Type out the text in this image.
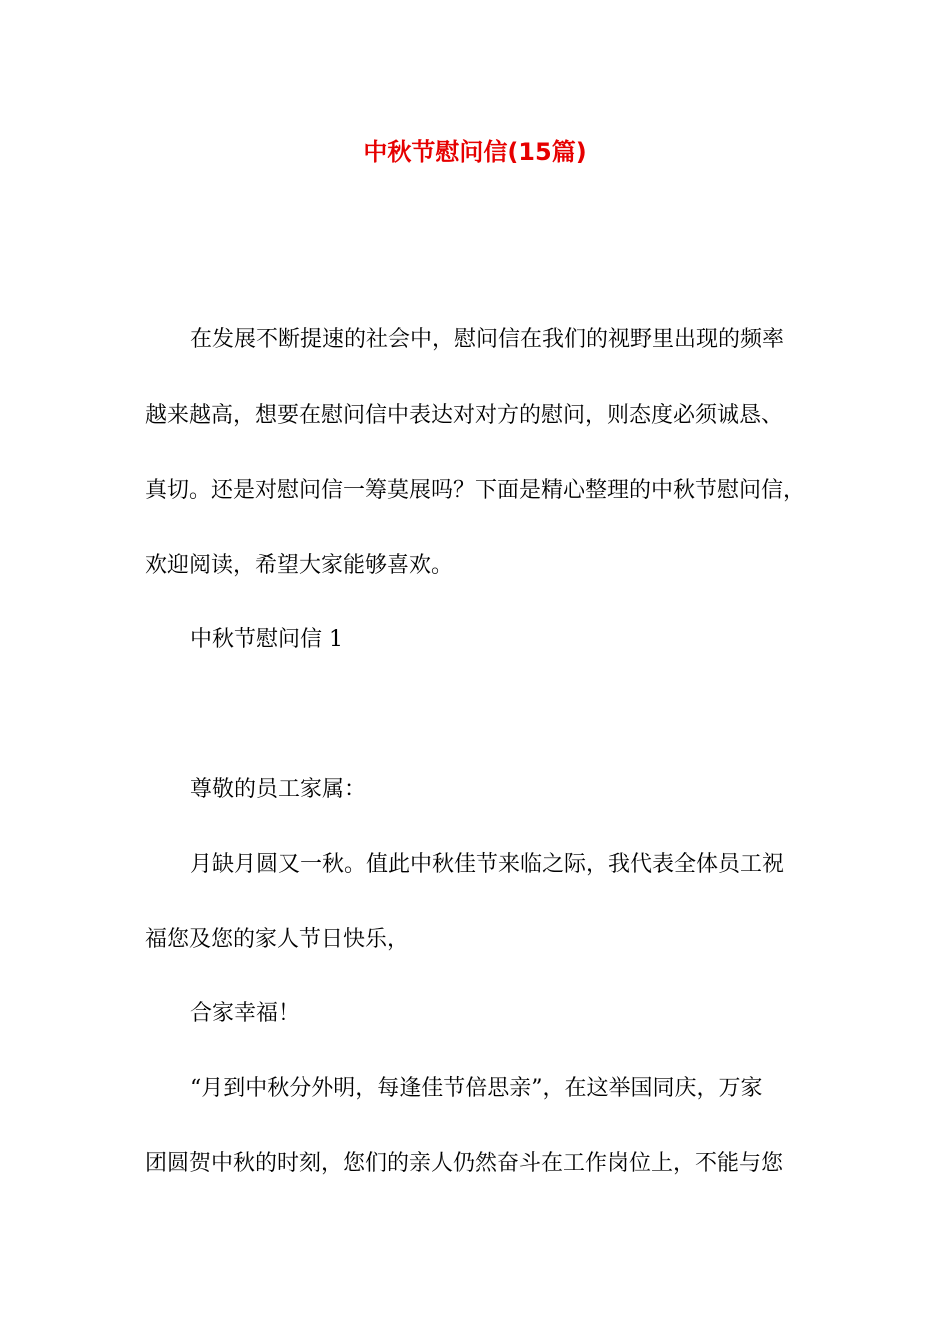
中秋节慰问信(15篇)

在发展不断提速的社会中，慰问信在我们的视野里出现的频率

越来越高，想要在慰问信中表达对对方的慰问，则态度必须诚恳、

真切。还是对慰问信一筹莫展吗？下面是精心整理的中秋节慰问信，

欢迎阅读，希望大家能够喜欢。

中秋节慰问信 1

尊敬的员工家属：

月缺月圆又一秋。值此中秋佳节来临之际，我代表全体员工祝

福您及您的家人节日快乐，

合家幸福！

“月到中秋分外明，每逢佳节倍思亲”，在这举国同庆，万家

团圆贺中秋的时刻，您们的亲人仍然奋斗在工作岗位上，不能与您
